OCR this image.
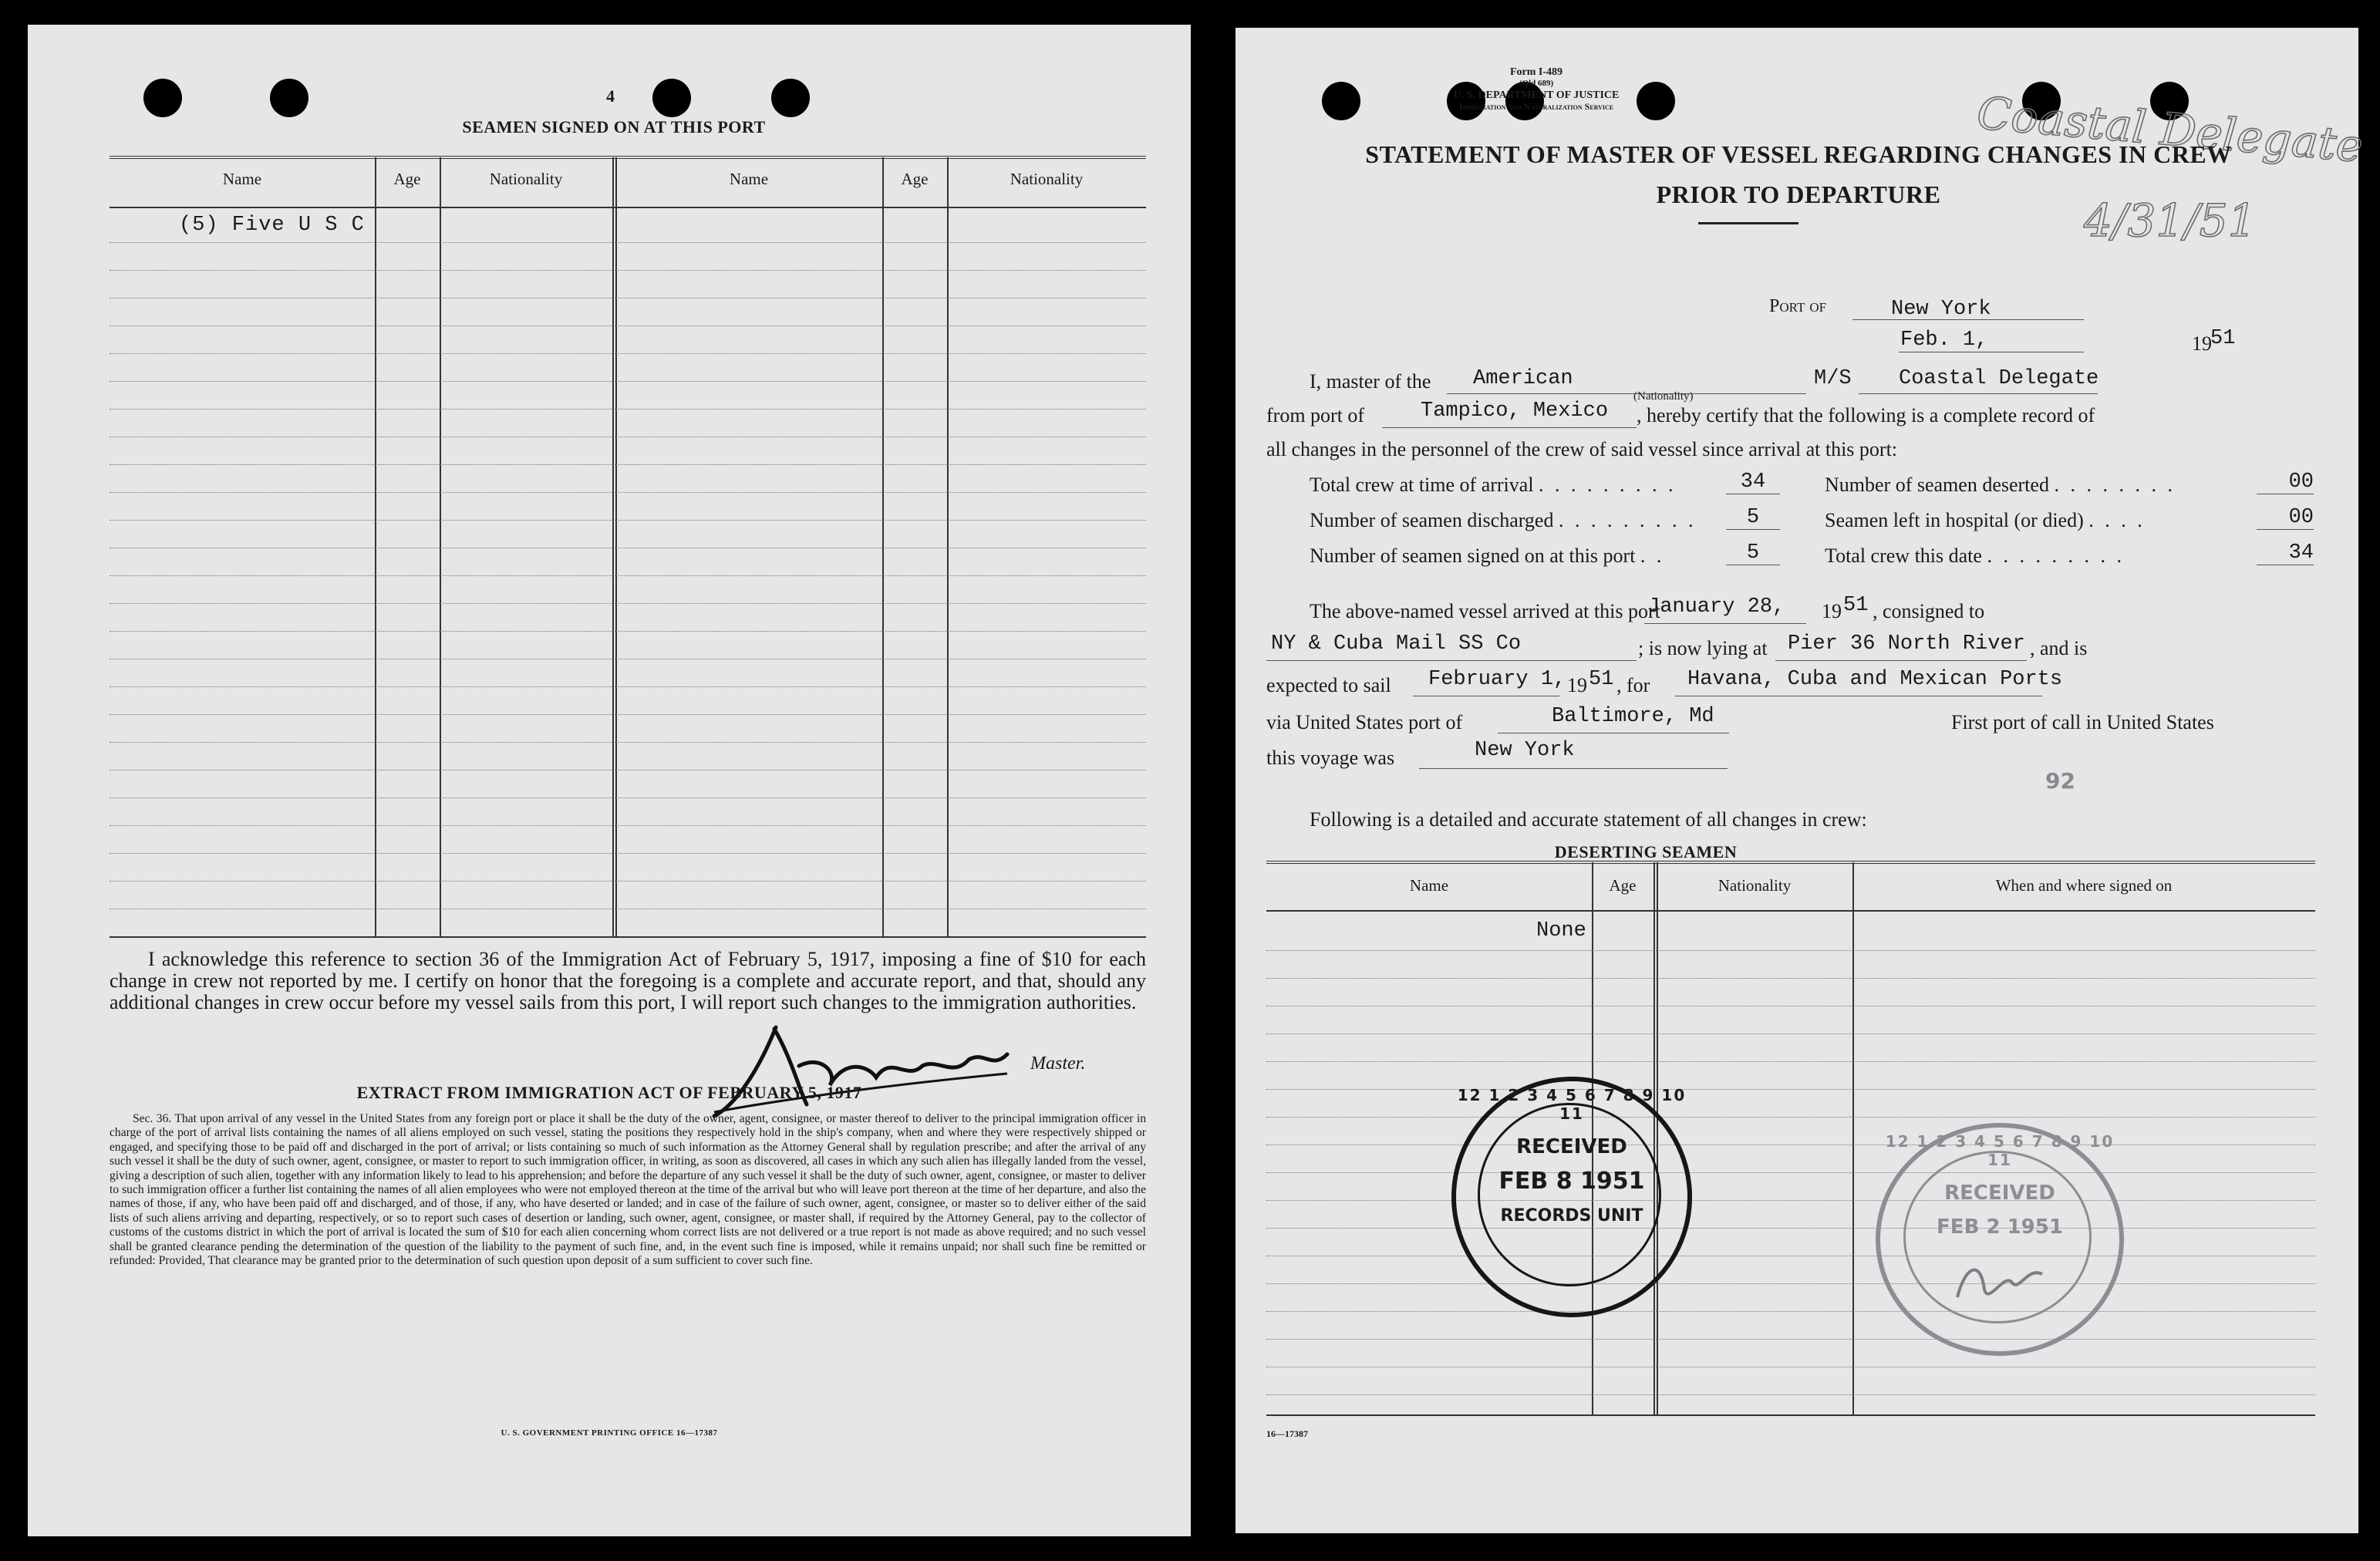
4
SEAMEN SIGNED ON AT THIS PORT
Name	Age	Nationality	Name	Age	Nationality
(5) Five U S C
I acknowledge this reference to section 36 of the Immigration Act of February 5, 1917, imposing a fine of $10 for each change in crew not reported by me. I certify on honor that the foregoing is a complete and accurate report, and that, should any additional changes in crew occur before my vessel sails from this port, I will report such changes to the immigration authorities.
Master.
EXTRACT FROM IMMIGRATION ACT OF FEBRUARY 5, 1917
Sec. 36. That upon arrival of any vessel in the United States from any foreign port or place it shall be the duty of the owner, agent, consignee, or master thereof to deliver to the principal immigration officer in charge of the port of arrival lists containing the names of all aliens employed on such vessel, stating the positions they respectively hold in the ship's company, when and where they were respectively shipped or engaged, and specifying those to be paid off and discharged in the port of arrival; or lists containing so much of such information as the Attorney General shall by regulation prescribe; and after the arrival of any such vessel it shall be the duty of such owner, agent, consignee, or master to report to such immigration officer, in writing, as soon as discovered, all cases in which any such alien has illegally landed from the vessel, giving a description of such alien, together with any information likely to lead to his apprehension; and before the departure of any such vessel it shall be the duty of such owner, agent, consignee, or master to deliver to such immigration officer a further list containing the names of all alien employees who were not employed thereon at the time of the arrival but who will leave port thereon at the time of her departure, and also the names of those, if any, who have been paid off and discharged, and of those, if any, who have deserted or landed; and in case of the failure of such owner, agent, consignee, or master so to deliver either of the said lists of such aliens arriving and departing, respectively, or so to report such cases of desertion or landing, such owner, agent, consignee, or master shall, if required by the Attorney General, pay to the collector of customs of the customs district in which the port of arrival is located the sum of $10 for each alien concerning whom correct lists are not delivered or a true report is not made as above required; and no such vessel shall be granted clearance pending the determination of the question of the liability to the payment of such fine, and, in the event such fine is imposed, while it remains unpaid; nor shall such fine be remitted or refunded: Provided, That clearance may be granted prior to the determination of such question upon deposit of a sum sufficient to cover such fine.
U. S. GOVERNMENT PRINTING OFFICE 16—17387
Form I-489
(Old 689)
U. S. DEPARTMENT OF JUSTICE
Immigration and Naturalization Service	Coastal Delegate
4/31/51
STATEMENT OF MASTER OF VESSEL REGARDING CHANGES IN CREW
PRIOR TO DEPARTURE
Port of	New York
Feb. 1,	19
51
I, master of the American
(Nationality)
M/S Coastal Delegate
from port of	Tampico, Mexico , hereby certify that the following is a complete record of
all changes in the personnel of the crew of said vessel since arrival at this port:
Total crew at time of arrival . . . . . . . . .	34
Number of seamen discharged . . . . . . . . .	5
Number of seamen signed on at this port . .	5
Number of seamen deserted . . . . . . . .	00
Seamen left in hospital (or died) . . . .	00
Total crew this date . . . . . . . . .	34
The above-named vessel arrived at this port
January 28, 19 51 , consigned to
NY & Cuba Mail SS Co	; is now lying at Pier 36 North River , and is
expected to sail February 1, 19 51 , for Havana, Cuba and Mexican Ports
via United States port of	Baltimore, Md	First port of call in United States
this voyage was	New York
92
Following is a detailed and accurate statement of all changes in crew:
DESERTING SEAMEN
Name	Age	Nationality	When and where signed on
None
16—17387
12 1 2 3 4 5 6 7 8 9 10 11
RECEIVED
FEB 8 1951
RECORDS UNIT
12 1 2 3 4 5 6 7 8 9 10 11
RECEIVED
FEB 2 1951
